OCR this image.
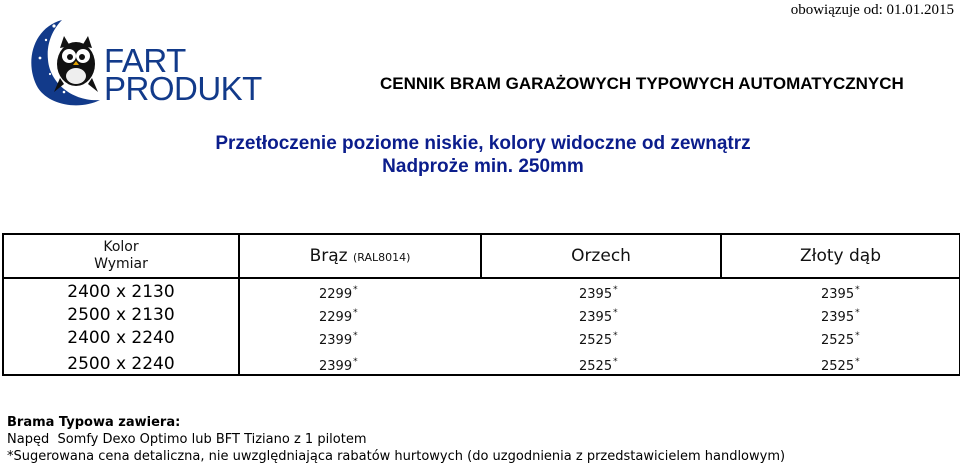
obowiązuje od: 01.01.2015
FART
PRODUKT	CENNIK BRAM GARAŻOWYCH TYPOWYCH AUTOMATYCZNYCH
Przetłoczenie poziome niskie, kolory widoczne od zewnątrz
Nadproże min. 250mm
Kolor
Wymiar	Brąz (RAL8014)	Orzech	Złoty dąb
2400 x 2130	2299*	2395*	2395*
2500 x 2130	2299*	2395*	2395*
2400 x 2240	2399*	2525*	2525*
2500 x 2240	2399*	2525*	2525*
Brama Typowa zawiera:
Napęd  Somfy Dexo Optimo lub BFT Tiziano z 1 pilotem
*Sugerowana cena detaliczna, nie uwzględniająca rabatów hurtowych (do uzgodnienia z przedstawicielem handlowym)
